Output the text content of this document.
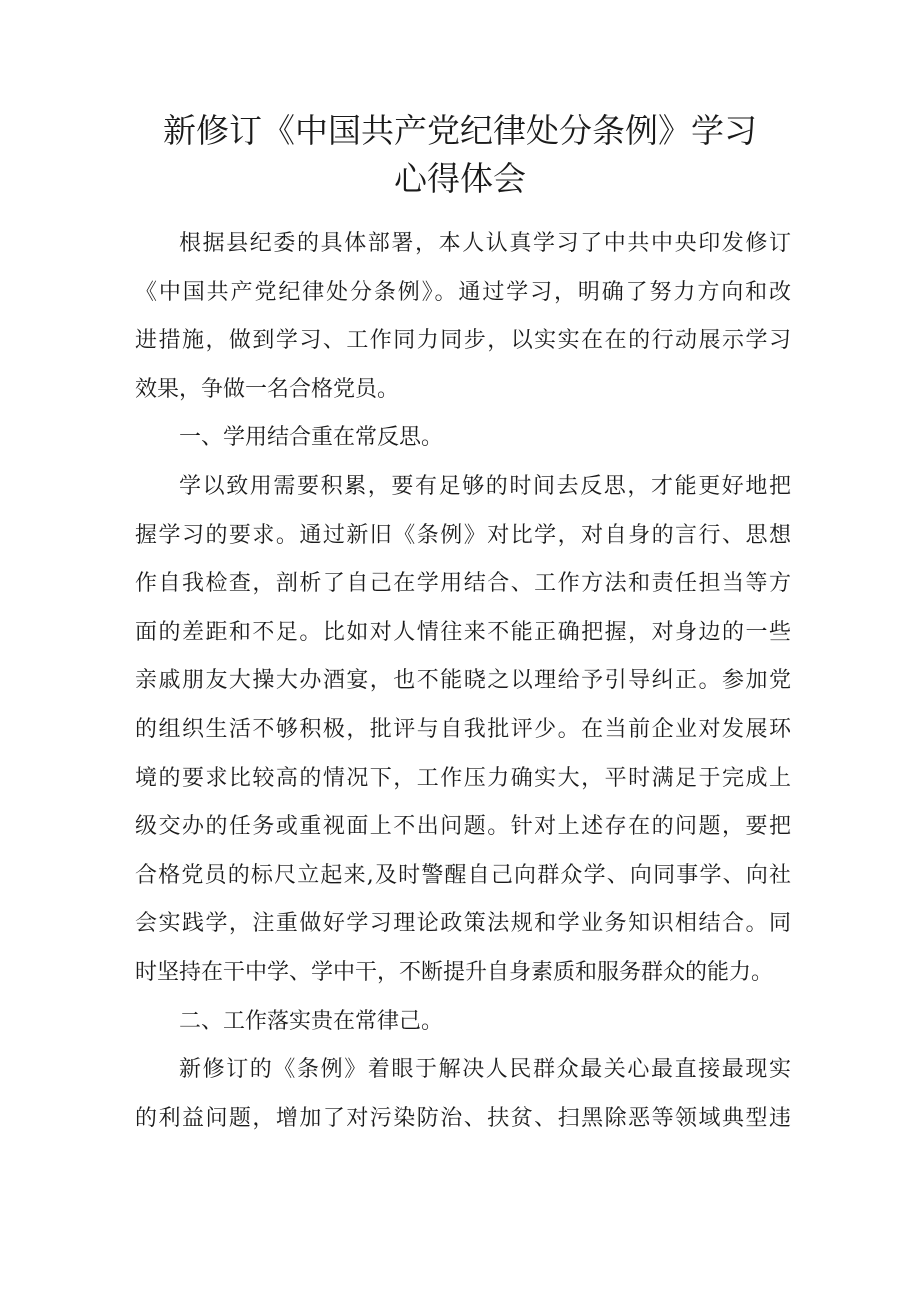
新修订《中国共产党纪律处分条例》学习
心得体会
根据县纪委的具体部署，本人认真学习了中共中央印发修订
《中国共产党纪律处分条例》。通过学习，明确了努力方向和改
进措施，做到学习、工作同力同步，以实实在在的行动展示学习
效果，争做一名合格党员。
一、学用结合重在常反思。
学以致用需要积累，要有足够的时间去反思，才能更好地把
握学习的要求。通过新旧《条例》对比学，对自身的言行、思想
作自我检查，剖析了自己在学用结合、工作方法和责任担当等方
面的差距和不足。比如对人情往来不能正确把握，对身边的一些
亲戚朋友大操大办酒宴，也不能晓之以理给予引导纠正。参加党
的组织生活不够积极，批评与自我批评少。在当前企业对发展环
境的要求比较高的情况下，工作压力确实大，平时满足于完成上
级交办的任务或重视面上不出问题。针对上述存在的问题，要把
合格党员的标尺立起来,及时警醒自己向群众学、向同事学、向社
会实践学，注重做好学习理论政策法规和学业务知识相结合。同
时坚持在干中学、学中干，不断提升自身素质和服务群众的能力。
二、工作落实贵在常律己。
新修订的《条例》着眼于解决人民群众最关心最直接最现实
的利益问题，增加了对污染防治、扶贫、扫黑除恶等领域典型违
